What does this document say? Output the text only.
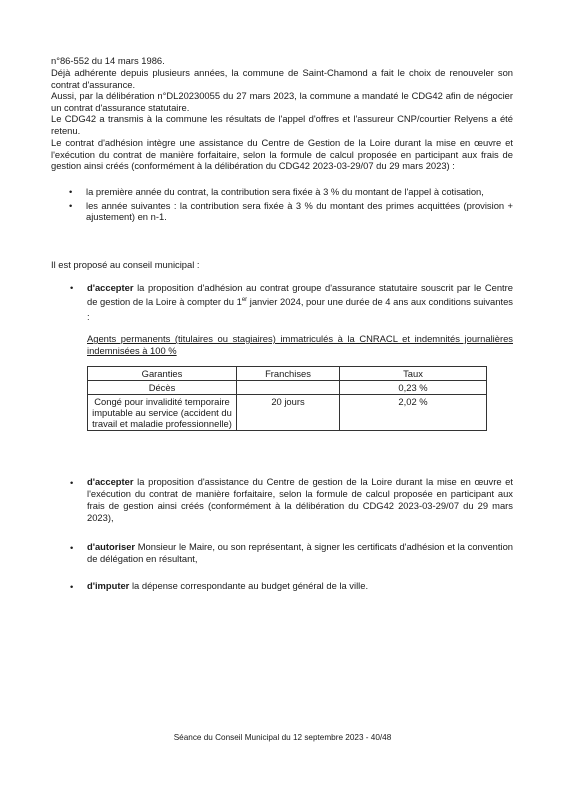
n°86-552 du 14 mars 1986.

Déjà adhérente depuis plusieurs années, la commune de Saint-Chamond a fait le choix de renouveler son contrat d'assurance.

Aussi, par la délibération n°DL20230055 du 27 mars 2023, la commune a mandaté le CDG42 afin de négocier un contrat d'assurance statutaire.

Le CDG42 a transmis à la commune les résultats de l'appel d'offres et l'assureur CNP/courtier Relyens a été retenu.

Le contrat d'adhésion intègre une assistance du Centre de Gestion de la Loire durant la mise en œuvre et l'exécution du contrat de manière forfaitaire, selon la formule de calcul proposée en participant aux frais de gestion ainsi créés (conformément à la délibération du CDG42 2023-03-29/07 du 29 mars 2023) :

• la première année du contrat, la contribution sera fixée à 3 % du montant de l'appel à cotisation,
• les année suivantes : la contribution sera fixée à 3 % du montant des primes acquittées (provision + ajustement) en n-1.

Il est proposé au conseil municipal :

• d'accepter la proposition d'adhésion au contrat groupe d'assurance statutaire souscrit par le Centre de gestion de la Loire à compter du 1er janvier 2024, pour une durée de 4 ans aux conditions suivantes :

Agents permanents (titulaires ou stagiaires) immatriculés à la CNRACL et indemnités journalières indemnisées à 100 %

Garanties	Franchises	Taux
Décès		0,23 %
Congé pour invalidité temporaire imputable au service (accident du travail et maladie professionnelle)	20 jours	2,02 %
• d'accepter la proposition d'assistance du Centre de gestion de la Loire durant la mise en œuvre et l'exécution du contrat de manière forfaitaire, selon la formule de calcul proposée en participant aux frais de gestion ainsi créés (conformément à la délibération du CDG42 2023-03-29/07 du 29 mars 2023),
• d'autoriser Monsieur le Maire, ou son représentant, à signer les certificats d'adhésion et la convention de délégation en résultant,
• d'imputer la dépense correspondante au budget général de la ville.
Séance du Conseil Municipal du 12 septembre 2023 - 40/48
